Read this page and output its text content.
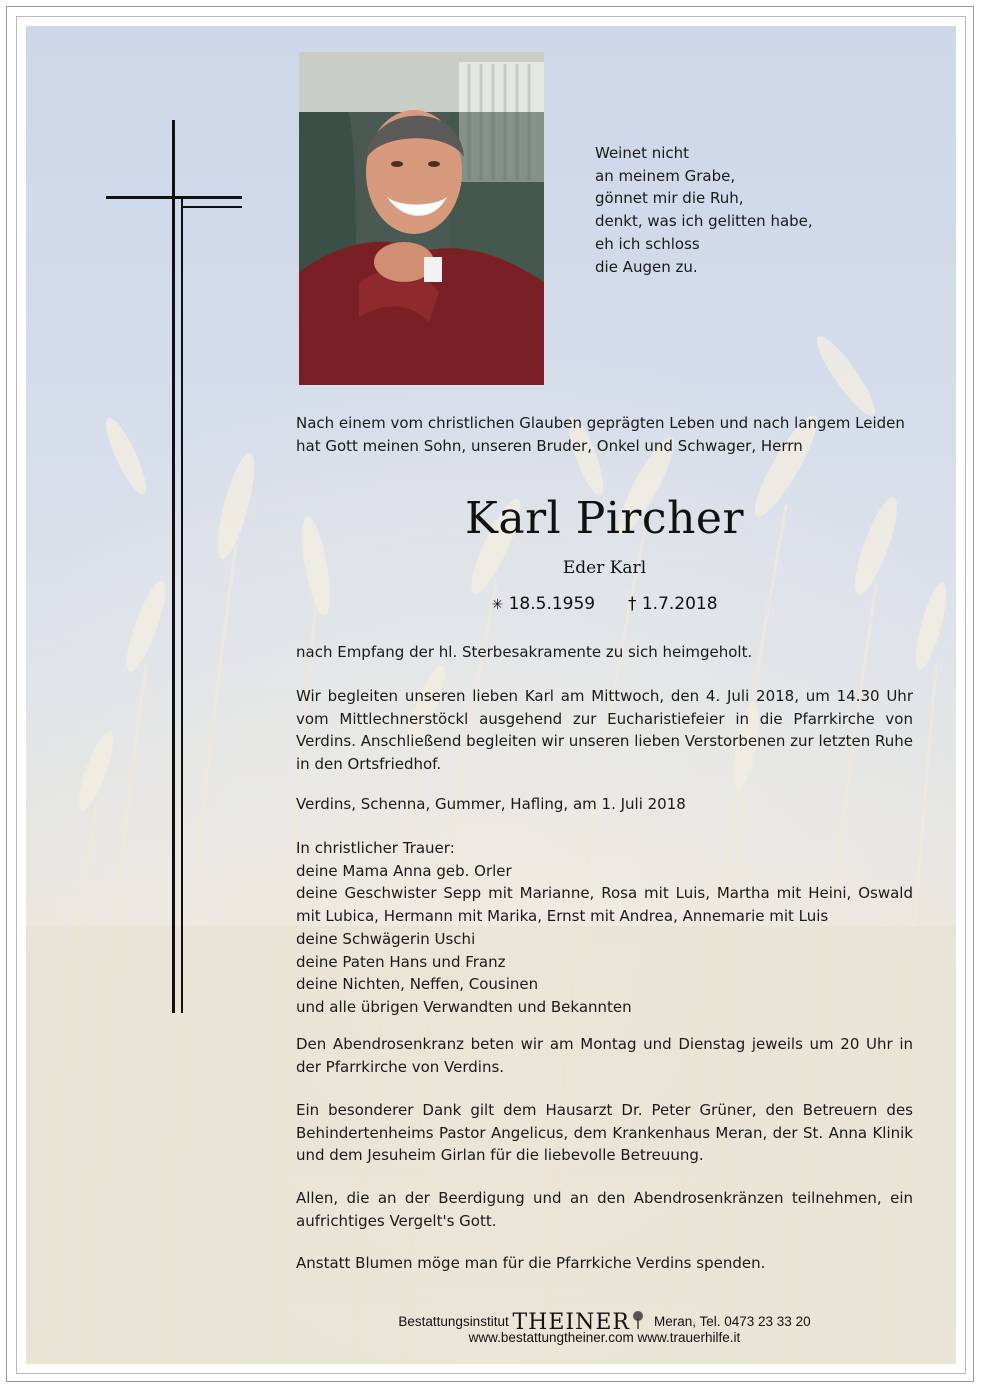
Weinet nicht
an meinem Grabe,
gönnet mir die Ruh,
denkt, was ich gelitten habe,
eh ich schloss
die Augen zu.
Nach einem vom christlichen Glauben geprägten Leben und nach langem Leiden
hat Gott meinen Sohn, unseren Bruder, Onkel und Schwager, Herrn
Karl Pircher
Eder Karl
✳ 18.5.1959 † 1.7.2018
nach Empfang der hl. Sterbesakramente zu sich heimgeholt.
Wir begleiten unseren lieben Karl am Mittwoch, den 4. Juli 2018, um 14.30 Uhr vom Mittlechnerstöckl ausgehend zur Eucharistiefeier in die Pfarrkirche von Verdins. Anschließend begleiten wir unseren lieben Verstorbenen zur letzten Ruhe in den Ortsfriedhof.
Verdins, Schenna, Gummer, Hafling, am 1. Juli 2018
In christlicher Trauer:
deine Mama Anna geb. Orler
deine Geschwister Sepp mit Marianne, Rosa mit Luis, Martha mit Heini, Oswald mit Lubica, Hermann mit Marika, Ernst mit Andrea, Annemarie mit Luis
deine Schwägerin Uschi
deine Paten Hans und Franz
deine Nichten, Neffen, Cousinen
und alle übrigen Verwandten und Bekannten
Den Abendrosenkranz beten wir am Montag und Dienstag jeweils um 20 Uhr in der Pfarrkirche von Verdins.
Ein besonderer Dank gilt dem Hausarzt Dr. Peter Grüner, den Betreuern des Behindertenheims Pastor Angelicus, dem Krankenhaus Meran, der St. Anna Klinik und dem Jesuheim Girlan für die liebevolle Betreuung.
Allen, die an der Beerdigung und an den Abendrosenkränzen teilnehmen, ein aufrichtiges Vergelt's Gott.
Anstatt Blumen möge man für die Pfarrkiche Verdins spenden.
Bestattungsinstitut THEINER Meran, Tel. 0473 23 33 20
www.bestattungtheiner.com www.trauerhilfe.it
